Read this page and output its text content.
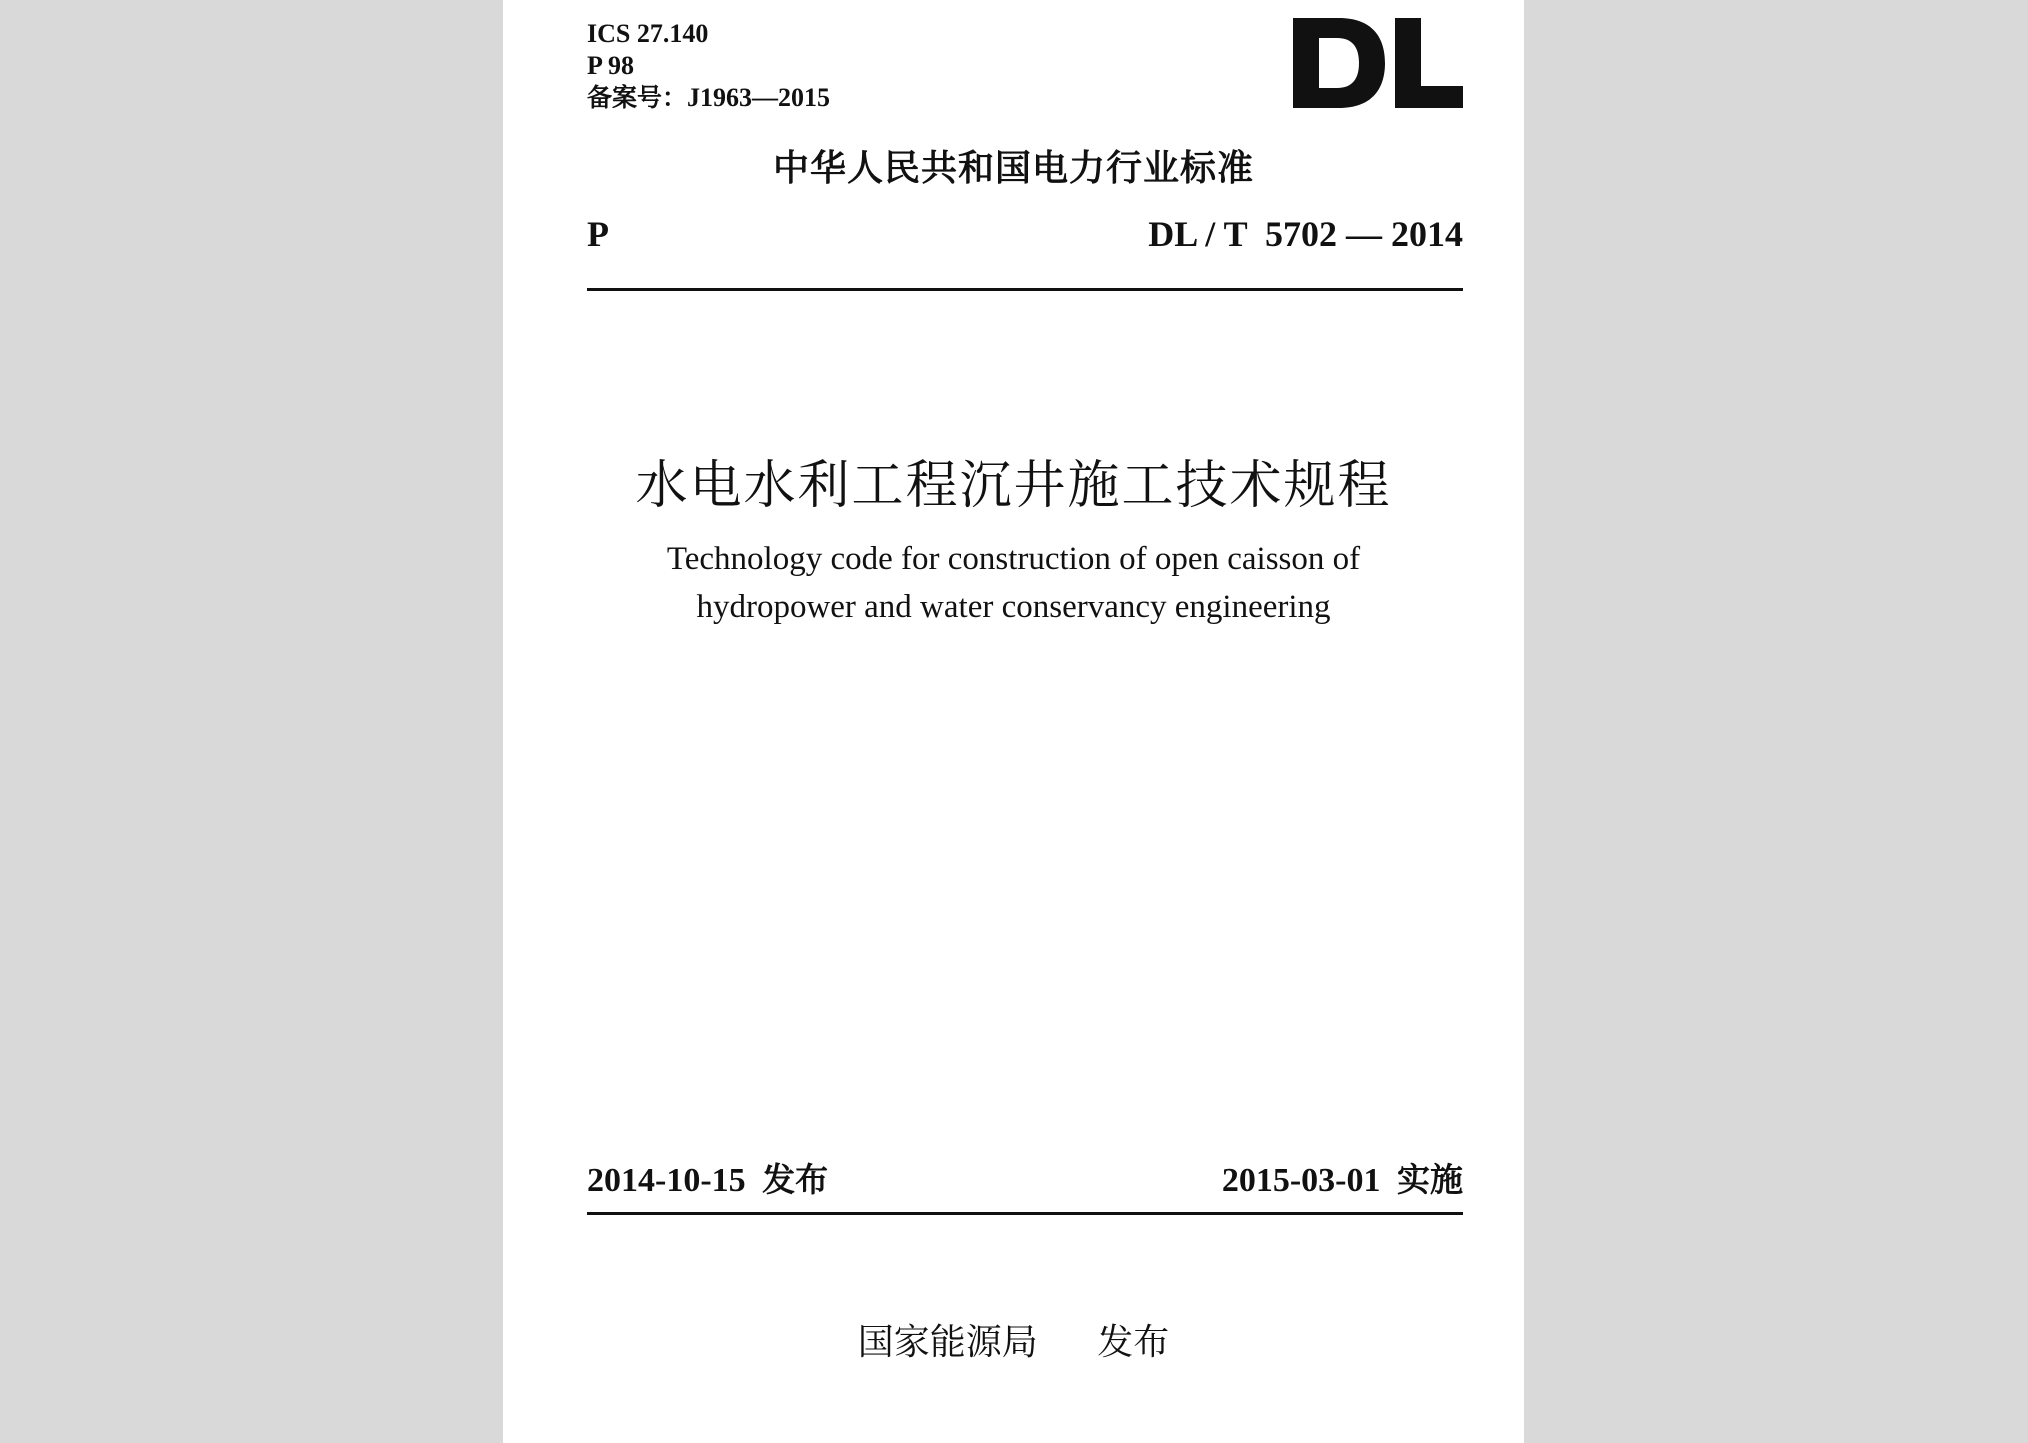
ICS 27.140
P 98
备案号：J1963—2015
中华人民共和国电力行业标准
P	DL / T  5702 — 2014
水电水利工程沉井施工技术规程
Technology code for construction of open caisson of
hydropower and water conservancy engineering
2014-10-15 发布	2015-03-01 实施
国家能源局 发布
